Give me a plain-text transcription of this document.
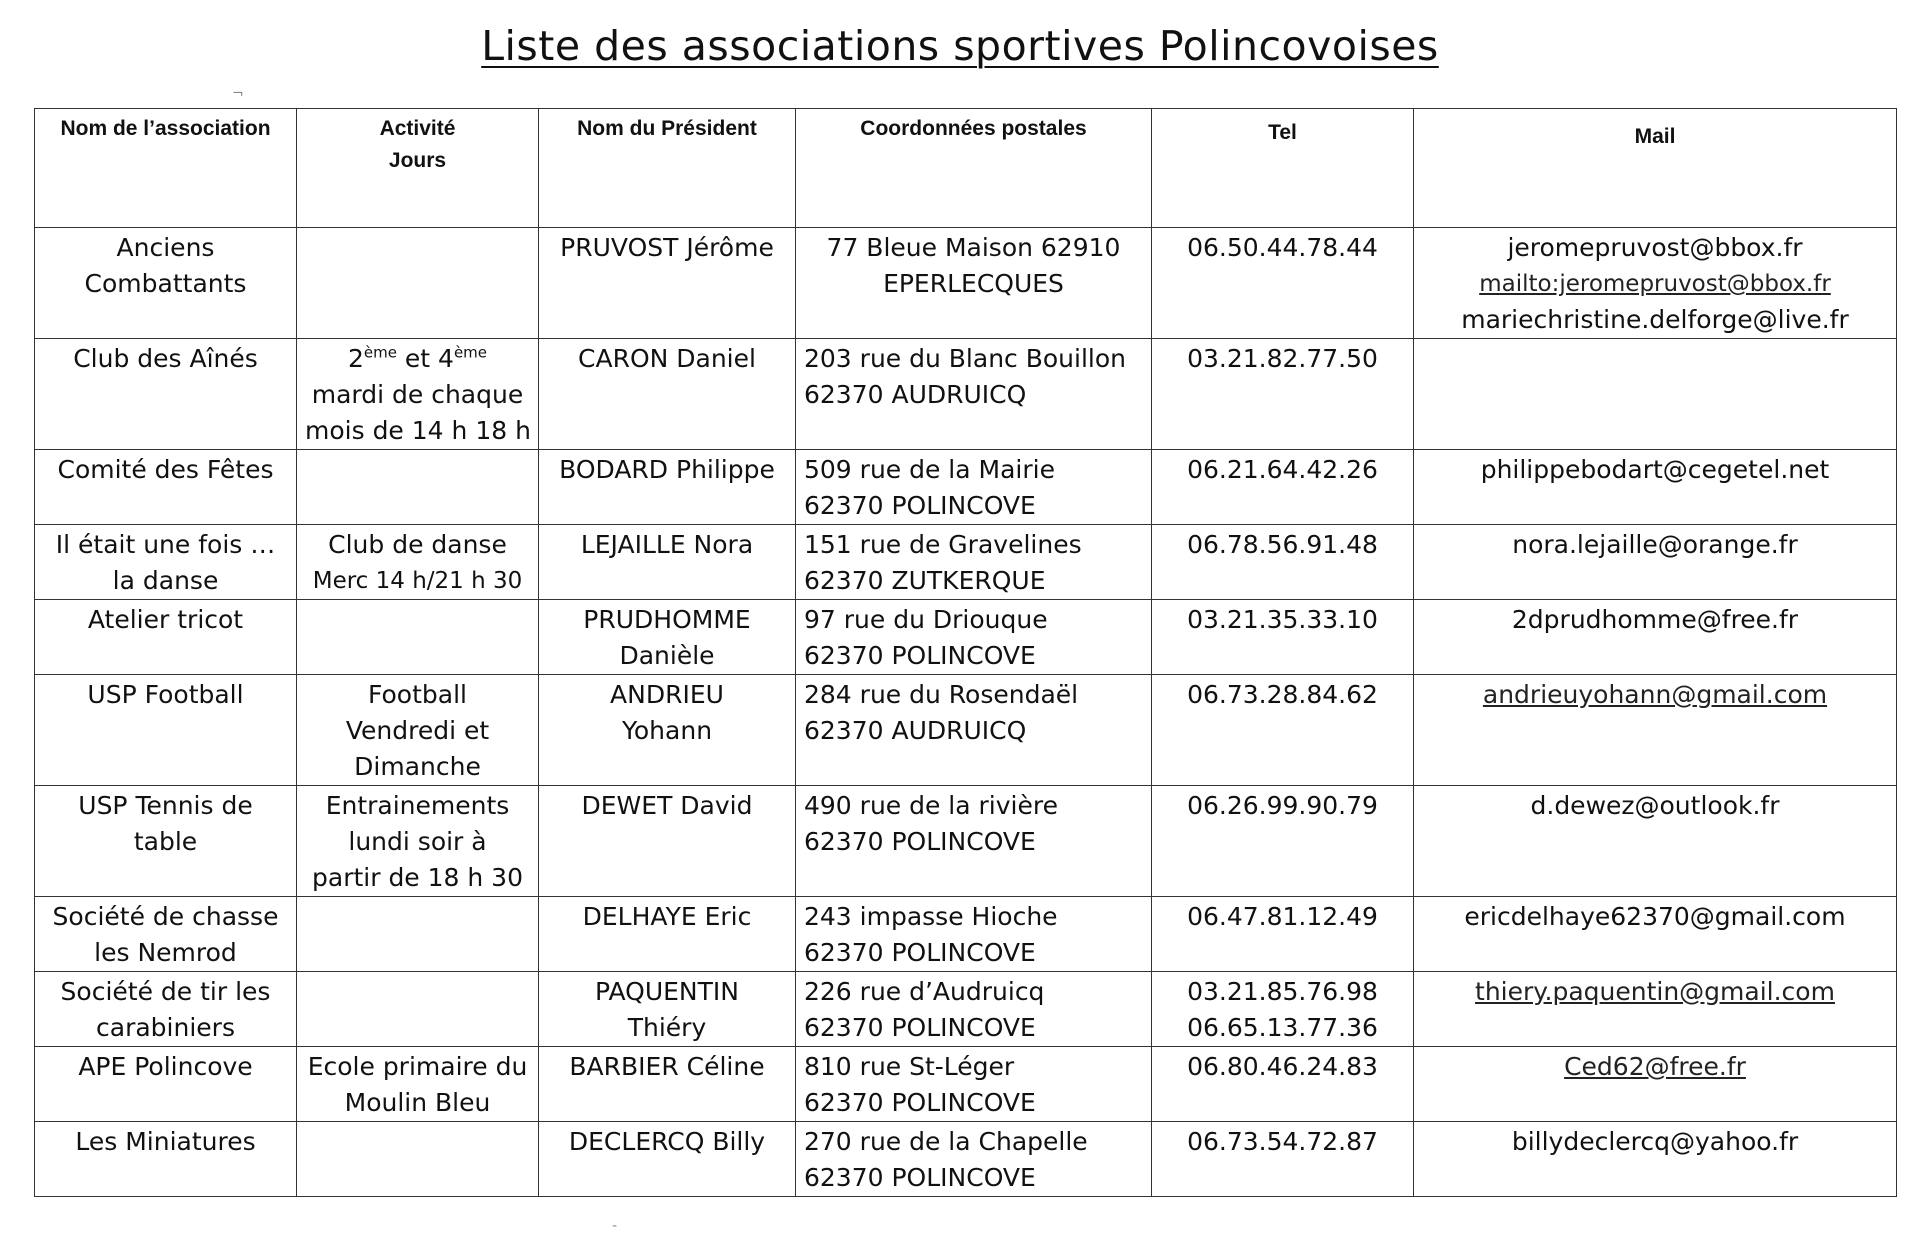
Liste des associations sportives Polincovoises
¬
-
Nom de l’association	Activité
Jours	Nom du Président	Coordonnées postales	Tel	Mail

Anciens
Combattants		PRUVOST Jérôme	77 Bleue Maison 62910
EPERLECQUES	06.50.44.78.44	jeromepruvost@bbox.fr
mailto:jeromepruvost@bbox.fr
mariechristine.delforge@live.fr

Club des Aînés	2ème et 4ème
mardi de chaque
mois de 14 h 18 h	CARON Daniel	203 rue du Blanc Bouillon
62370 AUDRUICQ	03.21.82.77.50	

Comité des Fêtes		BODARD Philippe	509 rue de la Mairie
62370 POLINCOVE	06.21.64.42.26	philippebodart@cegetel.net

Il était une fois …
la danse	Club de danse
Merc 14 h/21 h 30	LEJAILLE Nora	151 rue de Gravelines
62370 ZUTKERQUE	06.78.56.91.48	nora.lejaille@orange.fr

Atelier tricot		PRUDHOMME
Danièle	97 rue du Driouque
62370 POLINCOVE	03.21.35.33.10	2dprudhomme@free.fr

USP Football	Football
Vendredi et
Dimanche	ANDRIEU
Yohann	284 rue du Rosendaël
62370 AUDRUICQ	06.73.28.84.62	andrieuyohann@gmail.com

USP Tennis de
table	Entrainements
lundi soir à
partir de 18 h 30	DEWET David	490 rue de la rivière
62370 POLINCOVE	06.26.99.90.79	d.dewez@outlook.fr

Société de chasse
les Nemrod		DELHAYE Eric	243 impasse Hioche
62370 POLINCOVE	06.47.81.12.49	ericdelhaye62370@gmail.com

Société de tir les
carabiniers		PAQUENTIN
Thiéry	226 rue d’Audruicq
62370 POLINCOVE	03.21.85.76.98
06.65.13.77.36	thiery.paquentin@gmail.com

APE Polincove	Ecole primaire du
Moulin Bleu	BARBIER Céline	810 rue St-Léger
62370 POLINCOVE	06.80.46.24.83	Ced62@free.fr

Les Miniatures		DECLERCQ Billy	270 rue de la Chapelle
62370 POLINCOVE	06.73.54.72.87	billydeclercq@yahoo.fr
